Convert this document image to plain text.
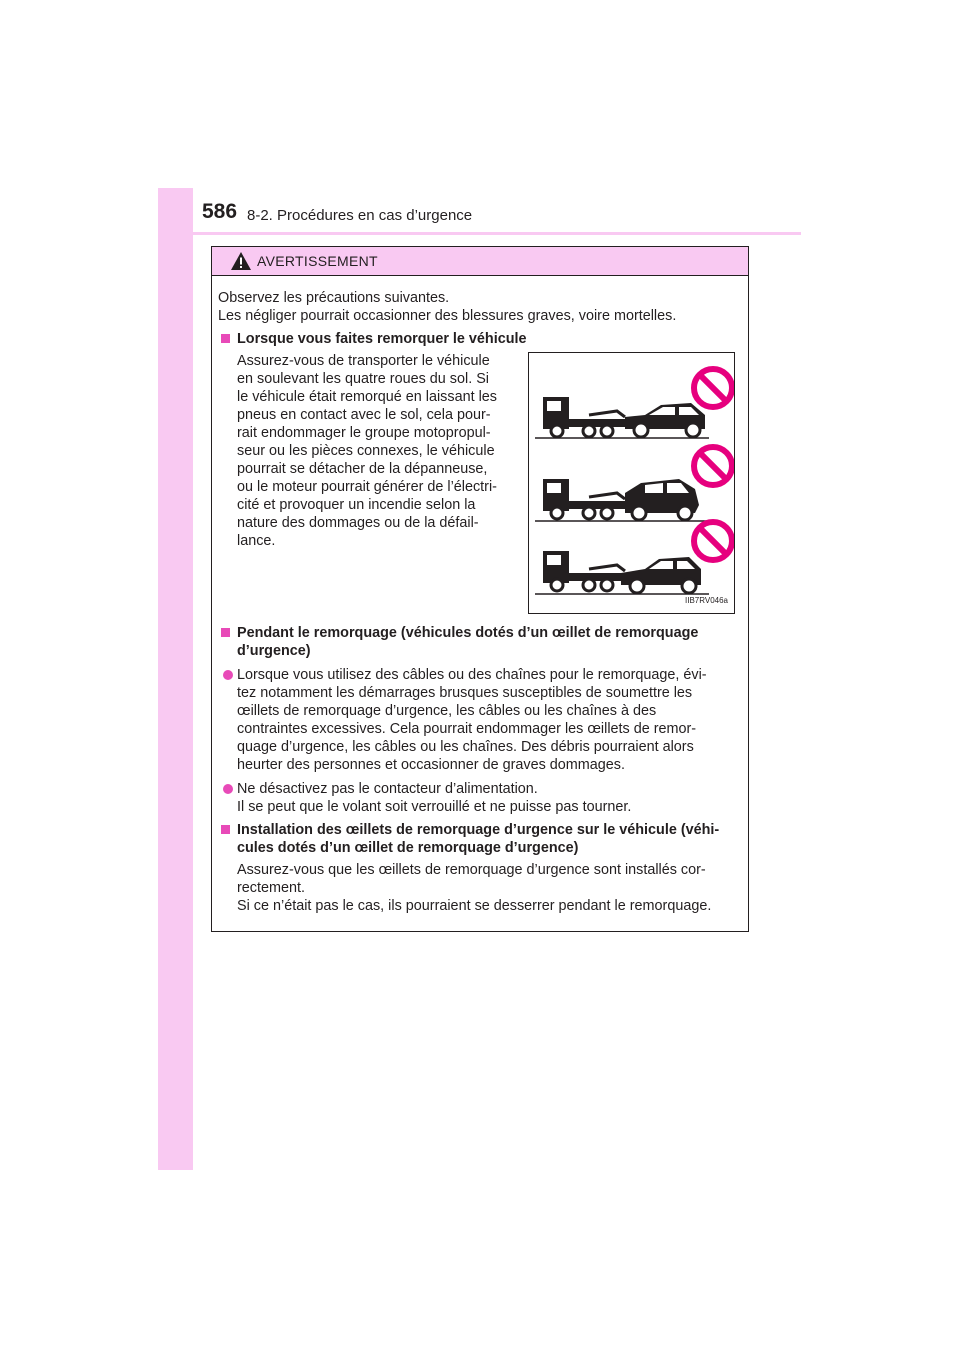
586 8-2. Procédures en cas d’urgence
AVERTISSEMENT

Observez les précautions suivantes.

Les négliger pourrait occasionner des blessures graves, voire mortelles.

Lorsque vous faites remorquer le véhicule
Assurez-vous de transporter le véhicule
en soulevant les quatre roues du sol. Si
le véhicule était remorqué en laissant les
pneus en contact avec le sol, cela pour-
rait endommager le groupe motopropul-
seur ou les pièces connexes, le véhicule
pourrait se détacher de la dépanneuse,
ou le moteur pourrait générer de l’électri-
cité et provoquer un incendie selon la
nature des dommages ou de la défail-
lance.
IIB7RV046a
Pendant le remorquage (véhicules dotés d’un œillet de remorquage
d’urgence)
Lorsque vous utilisez des câbles ou des chaînes pour le remorquage, évi-
tez notamment les démarrages brusques susceptibles de soumettre les
œillets de remorquage d’urgence, les câbles ou les chaînes à des
contraintes excessives. Cela pourrait endommager les œillets de remor-
quage d’urgence, les câbles ou les chaînes. Des débris pourraient alors
heurter des personnes et occasionner de graves dommages.
Ne désactivez pas le contacteur d’alimentation.
Il se peut que le volant soit verrouillé et ne puisse pas tourner.
Installation des œillets de remorquage d’urgence sur le véhicule (véhi-
cules dotés d’un œillet de remorquage d’urgence)
Assurez-vous que les œillets de remorquage d’urgence sont installés cor-
rectement.
Si ce n’était pas le cas, ils pourraient se desserrer pendant le remorquage.
